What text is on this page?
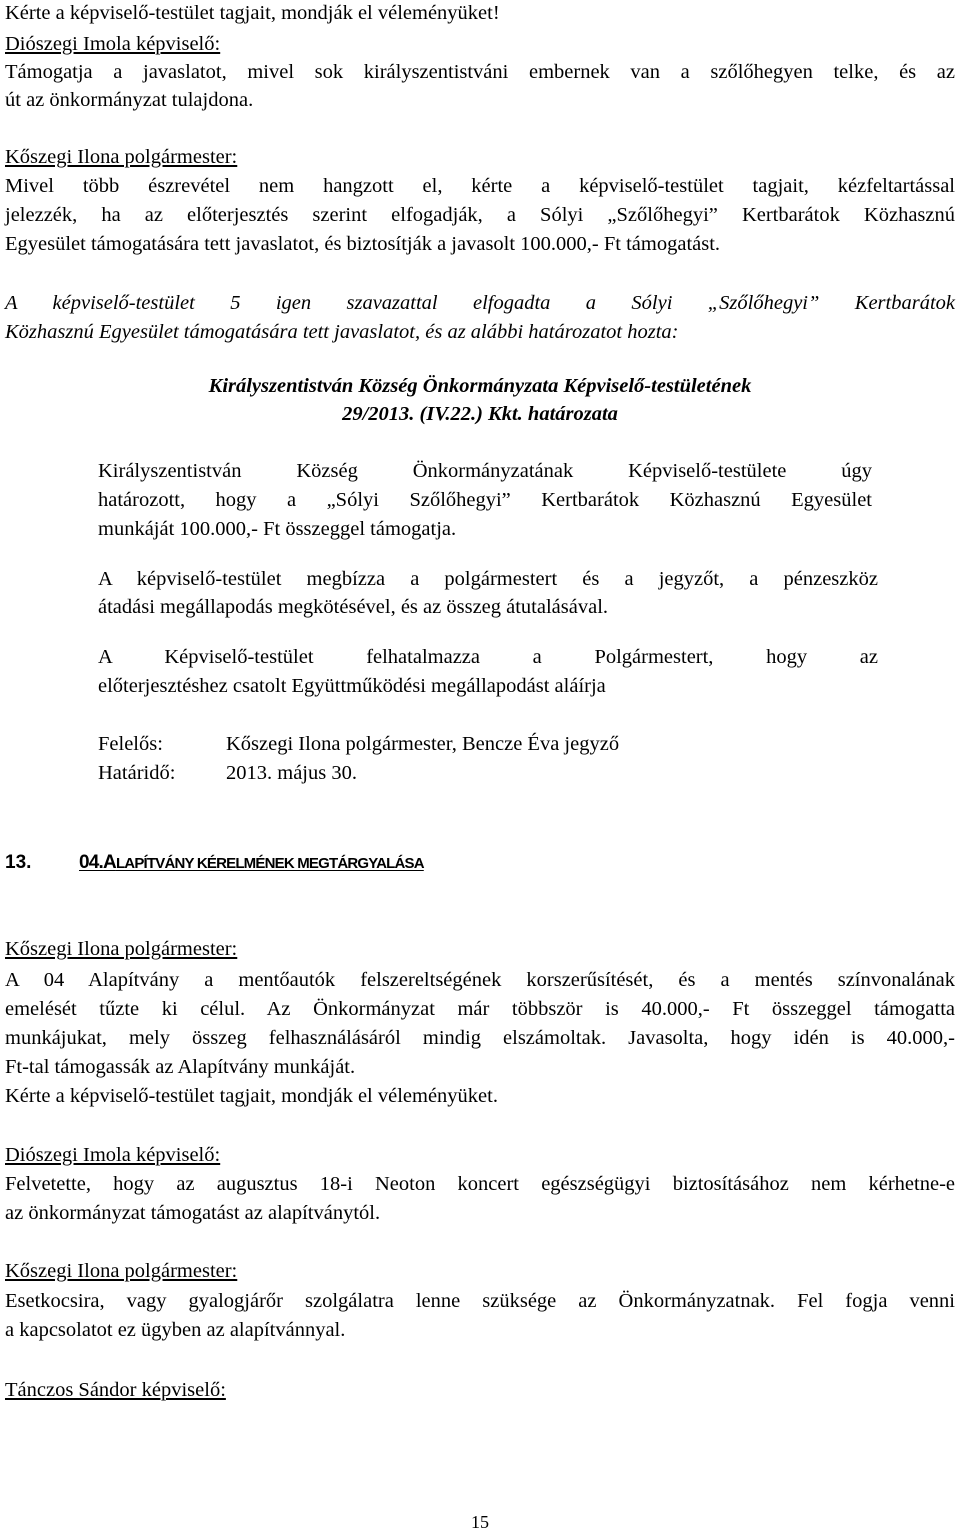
Kérte a képviselő-testület tagjait, mondják el véleményüket!
Diószegi Imola képviselő:
Támogatja a javaslatot, mivel sok királyszentistváni embernek van a szőlőhegyen telke, és az
út az önkormányzat tulajdona.
Kőszegi Ilona polgármester:
Mivel több észrevétel nem hangzott el, kérte a képviselő-testület tagjait, kézfeltartással
jelezzék, ha az előterjesztés szerint elfogadják, a Sólyi „Szőlőhegyi” Kertbarátok Közhasznú
Egyesület támogatására tett javaslatot, és biztosítják a javasolt 100.000,- Ft támogatást.
A képviselő-testület 5 igen szavazattal elfogadta a Sólyi „Szőlőhegyi” Kertbarátok
Közhasznú Egyesület támogatására tett javaslatot, és az alábbi határozatot hozta:
Királyszentistván Község Önkormányzata Képviselő-testületének
29/2013. (IV.22.) Kkt. határozata
Királyszentistván Község Önkormányzatának Képviselő-testülete úgy
határozott, hogy a „Sólyi Szőlőhegyi” Kertbarátok Közhasznú Egyesület
munkáját 100.000,- Ft összeggel támogatja.
A képviselő-testület megbízza a polgármestert és a jegyzőt, a pénzeszköz
átadási megállapodás megkötésével, és az összeg átutalásával.
A Képviselő-testület felhatalmazza a Polgármestert, hogy az
előterjesztéshez csatolt Együttműködési megállapodást aláírja
Felelős:	Kőszegi Ilona polgármester, Bencze Éva jegyző
Határidő: 2013. május 30.
13.	04.ALAPÍTVÁNY KÉRELMÉNEK MEGTÁRGYALÁSA
Kőszegi Ilona polgármester:
A 04 Alapítvány a mentőautók felszereltségének korszerűsítését, és a mentés színvonalának
emelését tűzte ki célul. Az Önkormányzat már többször is 40.000,- Ft összeggel támogatta
munkájukat, mely összeg felhasználásáról mindig elszámoltak. Javasolta, hogy idén is 40.000,-
Ft-tal támogassák az Alapítvány munkáját.
Kérte a képviselő-testület tagjait, mondják el véleményüket.
Diószegi Imola képviselő:
Felvetette, hogy az augusztus 18-i Neoton koncert egészségügyi biztosításához nem kérhetne-e
az önkormányzat támogatást az alapítványtól.
Kőszegi Ilona polgármester:
Esetkocsira, vagy gyalogjárőr szolgálatra lenne szüksége az Önkormányzatnak. Fel fogja venni
a kapcsolatot ez ügyben az alapítvánnyal.
Tánczos Sándor képviselő:
15
